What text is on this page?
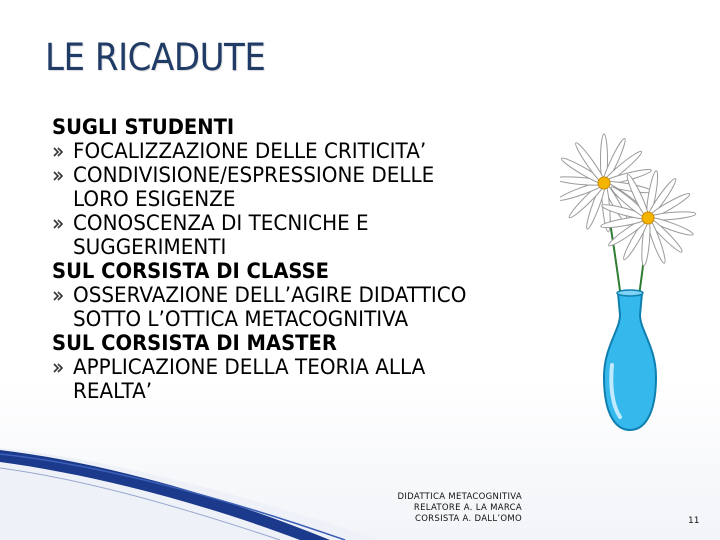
LE RICADUTE
SUGLI STUDENTI
FOCALIZZAZIONE DELLE CRITICITA’
CONDIVISIONE/ESPRESSIONE DELLE
LORO ESIGENZE
CONOSCENZA DI TECNICHE E
SUGGERIMENTI
SUL CORSISTA DI CLASSE
OSSERVAZIONE DELL’AGIRE DIDATTICO
SOTTO L’OTTICA METACOGNITIVA
SUL CORSISTA DI MASTER
APPLICAZIONE DELLA TEORIA ALLA
REALTA’
DIDATTICA METACOGNITIVA
RELATORE A. LA MARCA
CORSISTA A. DALL’OMO	11
